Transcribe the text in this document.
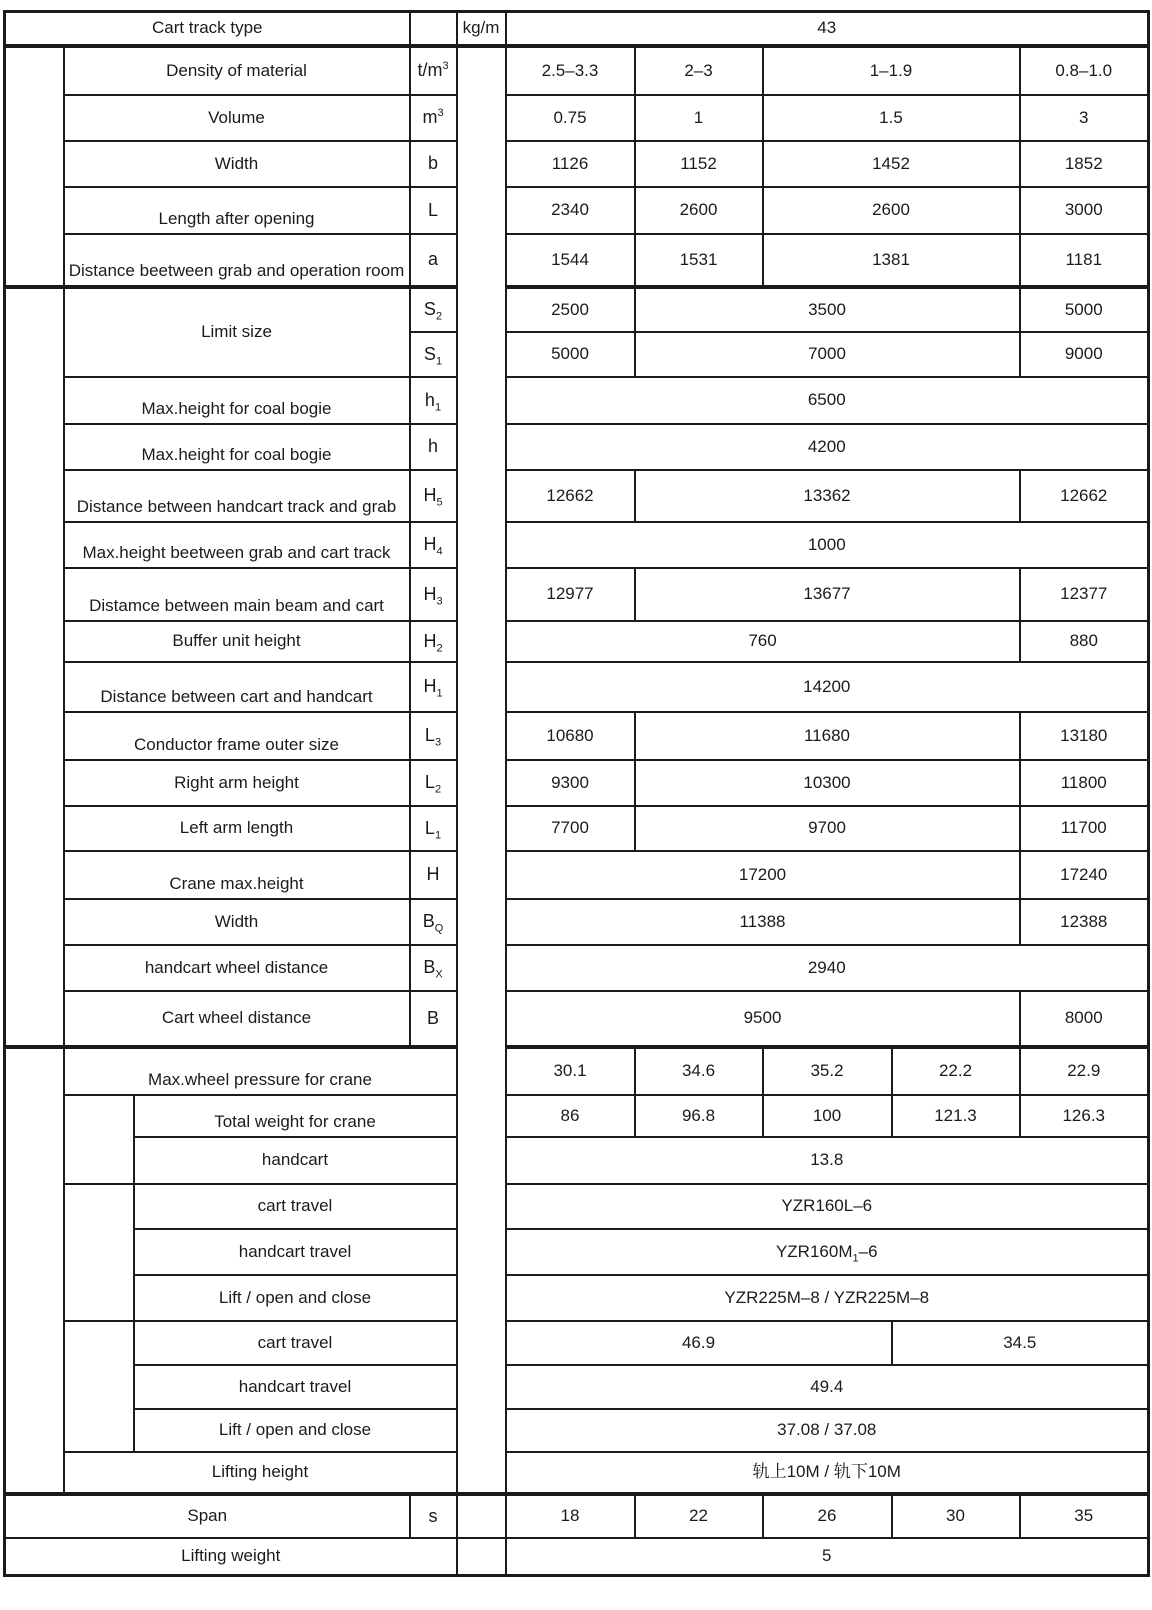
Cart track type				kg/m	43				
	Density of material		$t/m^3$		2.5–3.3	2–3	1–1.9		0.8–1.0
	Volume		$m^3$		0.75	1	1.5		3
	Width		b		1126	1152	1452		1852
	Length after opening		L		2340	2600	2600		3000
	Distance beetween grab and operation room		a		1544	1531	1381		1181
	Limit size		$S_2$		2500	3500			5000
			$S_1$		5000	7000			9000
	Max.height for coal bogie		$h_1$		6500				
	Max.height for coal bogie		h		4200				
	Distance between handcart track and grab		$H_5$		12662	13362			12662
	Max.height beetween grab and cart track		$H_4$		1000				
	Distamce between main beam and cart		$H_3$		12977	13677			12377
	Buffer unit height		$H_2$		760				880
	Distance between cart and handcart		$H_1$		14200				
	Conductor frame outer size		$L_3$		10680	11680			13180
	Right arm height		$L_2$		9300	10300			11800
	Left arm length		$L_1$		7700	9700			11700
	Crane max.height		H		17200				17240
	Width		$B_Q$		11388				12388
	handcart wheel distance		$B_X$		2940				
	Cart wheel distance		B		9500				8000
	Max.wheel pressure for crane				30.1	34.6	35.2	22.2	22.9
		Total weight for crane			86	96.8	100	121.3	126.3
		handcart			13.8				
		cart travel			YZR160L–6				
		handcart travel			$YZR160M_1-6$				
		Lift / open and close			YZR225M–8 / YZR225M–8				
		cart travel			46.9			34.5	
		handcart travel			49.4				
		Lift / open and close			37.08 / 37.08				
	Lifting height				轨上10M / 轨下10M				
Span			s		18	22	26	30	35
Lifting weight					5				
